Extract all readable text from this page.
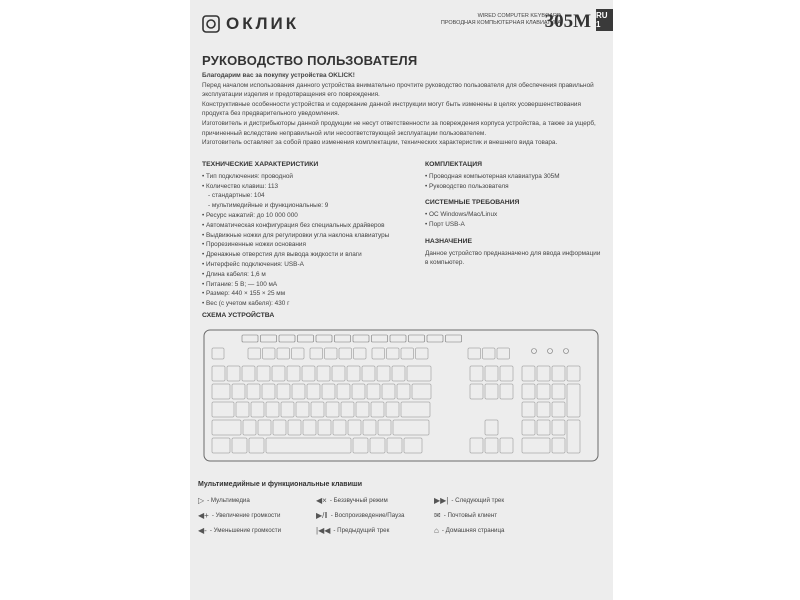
ОКЛИК	WIRED COMPUTER KEYBOARD
ПРОВОДНАЯ КОМПЬЮТЕРНАЯ КЛАВИАТУРА
305M RU 1
РУКОВОДСТВО ПОЛЬЗОВАТЕЛЯ
Благодарим вас за покупку устройства OKLICK!
Перед началом использования данного устройства внимательно прочтите руководство пользователя для обеспечения правильной эксплуатации изделия и предотвращения его повреждения.
Конструктивные особенности устройства и содержание данной инструкции могут быть изменены в целях усовершенствования продукта без предварительного уведомления.
Изготовитель и дистрибьюторы данной продукции не несут ответственности за повреждения корпуса устройства, а также за ущерб, причиненный вследствие неправильной или несоответствующей эксплуатации пользователем.
Изготовитель оставляет за собой право изменения комплектации, технических характеристик и внешнего вида товара.
ТЕХНИЧЕСКИЕ ХАРАКТЕРИСТИКИ
• Тип подключения: проводной
• Количество клавиш: 113
- стандартные: 104
- мультимедийные и функциональные: 9
• Ресурс нажатий: до 10 000 000
• Автоматическая конфигурация без специальных драйверов
• Выдвижные ножки для регулировки угла наклона клавиатуры
• Прорезиненные ножки основания
• Дренажные отверстия для вывода жидкости и влаги
• Интерфейс подключения: USB-A
• Длина кабеля: 1,6 м
• Питание: 5 В; — 100 мА
• Размер: 440 × 155 × 25 мм
• Вес (с учетом кабеля): 430 г
КОМПЛЕКТАЦИЯ
• Проводная компьютерная клавиатура 305M
• Руководство пользователя
СИСТЕМНЫЕ ТРЕБОВАНИЯ
• ОС Windows/Mac/Linux
• Порт USB-A
НАЗНАЧЕНИЕ

Данное устройство предназначено для ввода информации в компьютер.

СХЕМА УСТРОЙСТВА
Мультимедийные и функциональные клавиши
▷ - Мультимедиа
◀+ - Увеличение громкости
◀- - Уменьшение громкости
◀× - Беззвучный режим
▶/‖ - Воспроизведение/Пауза
|◀◀ - Предыдущий трек
▶▶| - Следующий трек
✉ - Почтовый клиент
⌂ - Домашняя страница
